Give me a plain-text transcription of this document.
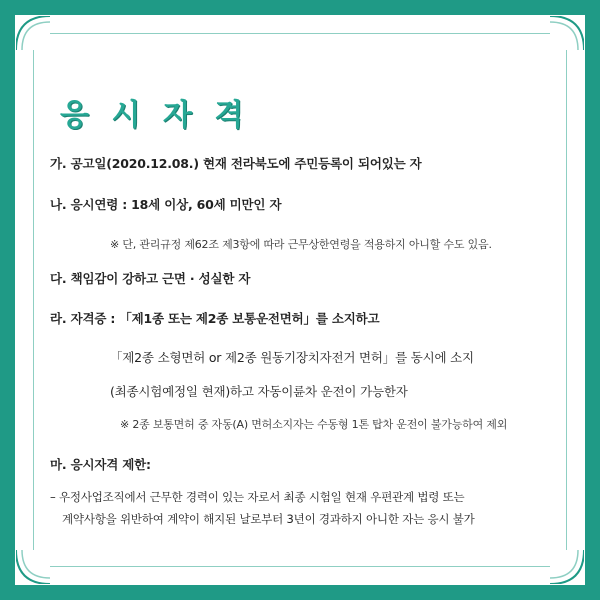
응 시 자 격
가. 공고일(2020.12.08.) 현재 전라북도에 주민등록이 되어있는 자
나. 응시연령 : 18세 이상, 60세 미만인 자
※ 단, 관리규정 제62조 제3항에 따라 근무상한연령을 적용하지 아니할 수도 있음.
다. 책임감이 강하고 근면 · 성실한 자
라. 자격증 : 「제1종 또는 제2종 보통운전면허」를 소지하고
「제2종 소형면허 or 제2종 원동기장치자전거 면허」를 동시에 소지
(최종시험예정일 현재)하고 자동이륜차 운전이 가능한자
※ 2종 보통면허 중 자동(A) 면허소지자는 수동형 1톤 탑차 운전이 불가능하여 제외
마. 응시자격 제한:
– 우정사업조직에서 근무한 경력이 있는 자로서 최종 시험일 현재 우편관계 법령 또는
계약사항을 위반하여 계약이 해지된 날로부터 3년이 경과하지 아니한 자는 응시 불가
